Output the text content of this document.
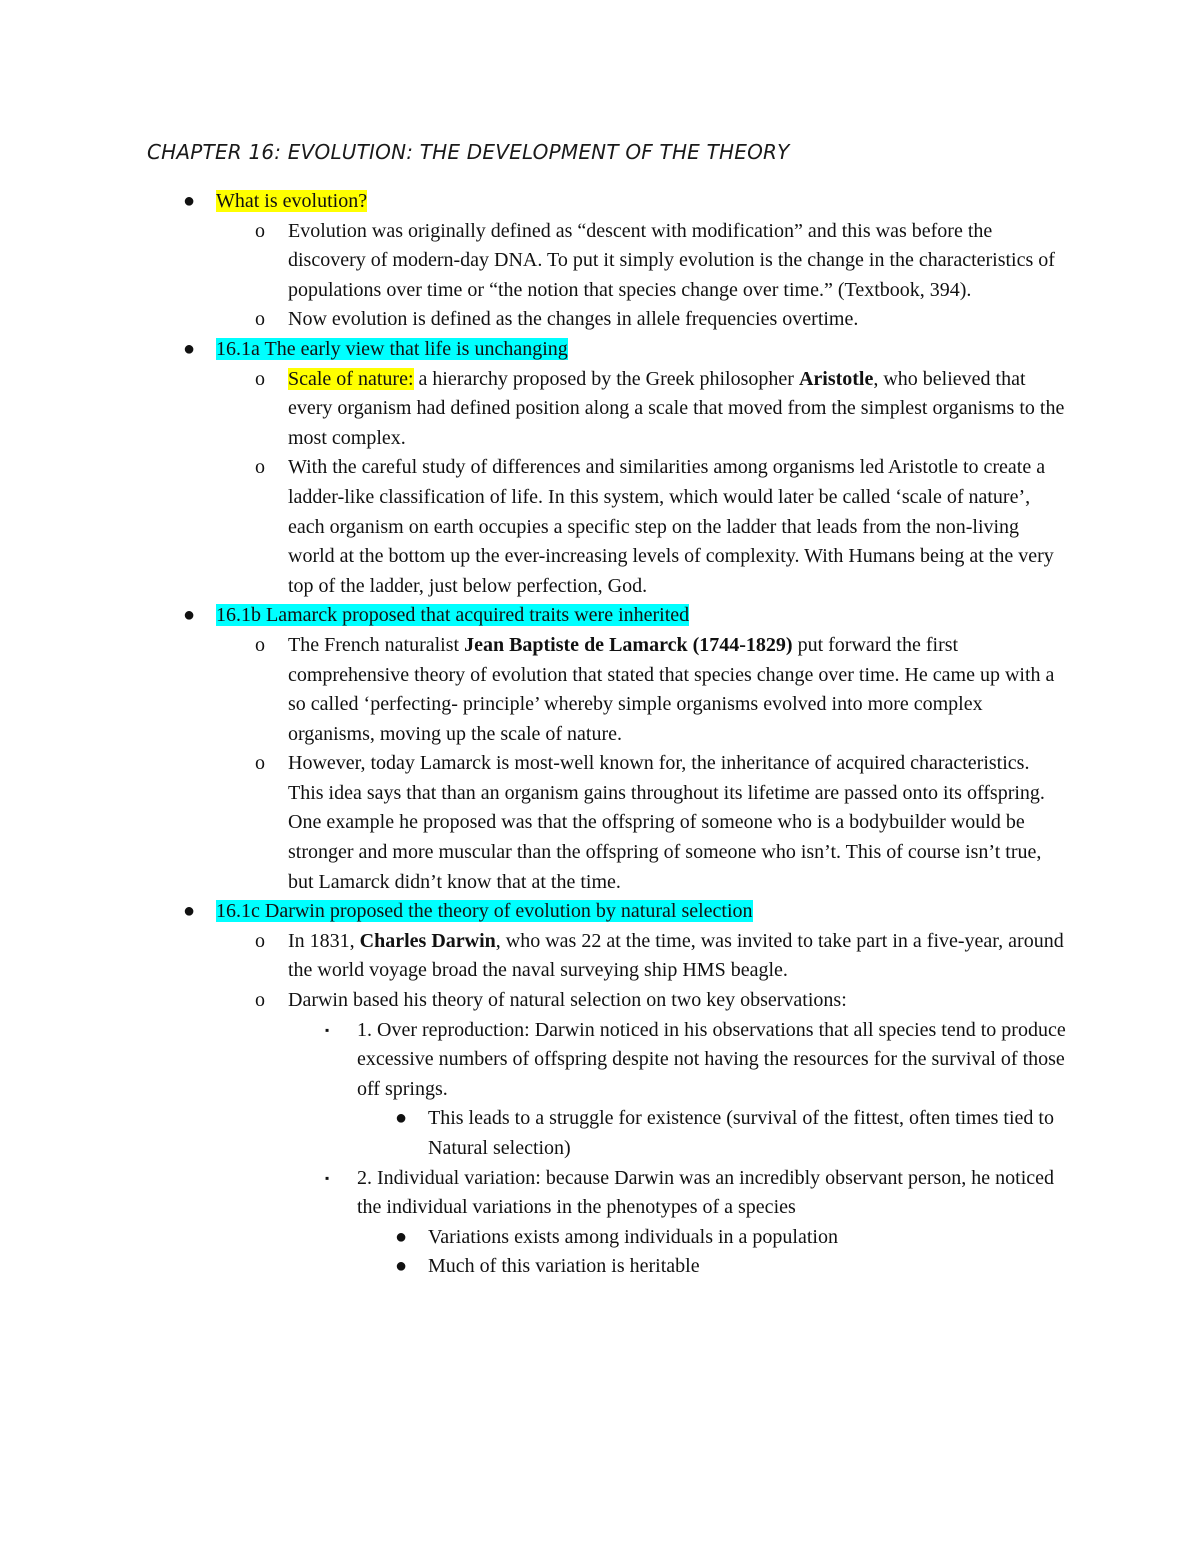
CHAPTER 16: EVOLUTION: THE DEVELOPMENT OF THE THEORY
● What is evolution?
o Evolution was originally defined as “descent with modification” and this was before the discovery of modern-day DNA. To put it simply evolution is the change in the characteristics of populations over time or “the notion that species change over time.” (Textbook, 394).
o Now evolution is defined as the changes in allele frequencies overtime.
● 16.1a The early view that life is unchanging
o Scale of nature: a hierarchy proposed by the Greek philosopher Aristotle, who believed that every organism had defined position along a scale that moved from the simplest organisms to the most complex.
o With the careful study of differences and similarities among organisms led Aristotle to create a ladder-like classification of life. In this system, which would later be called ‘scale of nature’, each organism on earth occupies a specific step on the ladder that leads from the non-living world at the bottom up the ever-increasing levels of complexity. With Humans being at the very top of the ladder, just below perfection, God.
● 16.1b Lamarck proposed that acquired traits were inherited
o The French naturalist Jean Baptiste de Lamarck (1744-1829) put forward the first comprehensive theory of evolution that stated that species change over time. He came up with a so called ‘perfecting- principle’ whereby simple organisms evolved into more complex organisms, moving up the scale of nature.
o However, today Lamarck is most-well known for, the inheritance of acquired characteristics. This idea says that than an organism gains throughout its lifetime are passed onto its offspring. One example he proposed was that the offspring of someone who is a bodybuilder would be stronger and more muscular than the offspring of someone who isn’t. This of course isn’t true, but Lamarck didn’t know that at the time.
● 16.1c Darwin proposed the theory of evolution by natural selection
o In 1831, Charles Darwin, who was 22 at the time, was invited to take part in a five-year, around the world voyage broad the naval surveying ship HMS beagle.
o Darwin based his theory of natural selection on two key observations:
▪ 1. Over reproduction: Darwin noticed in his observations that all species tend to produce excessive numbers of offspring despite not having the resources for the survival of those off springs.
● This leads to a struggle for existence (survival of the fittest, often times tied to Natural selection)
▪ 2. Individual variation: because Darwin was an incredibly observant person, he noticed the individual variations in the phenotypes of a species
● Variations exists among individuals in a population
● Much of this variation is heritable
